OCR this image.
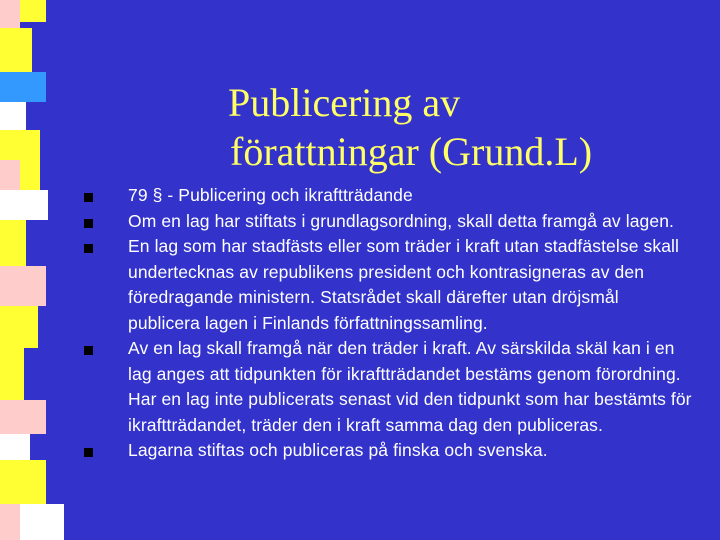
Publicering av
förattningar (Grund.L)
79 § - Publicering och ikraftträdande
Om en lag har stiftats i grundlagsordning, skall detta framgå av lagen.
En lag som har stadfästs eller som träder i kraft utan stadfästelse skall undertecknas av republikens president och kontrasigneras av den föredragande ministern. Statsrådet skall därefter utan dröjsmål publicera lagen i Finlands författningssamling.
Av en lag skall framgå när den träder i kraft. Av särskilda skäl kan i en lag anges att tidpunkten för ikraftträdandet bestäms genom förordning. Har en lag inte publicerats senast vid den tidpunkt som har bestämts för ikraftträdandet, träder den i kraft samma dag den publiceras.
Lagarna stiftas och publiceras på finska och svenska.
